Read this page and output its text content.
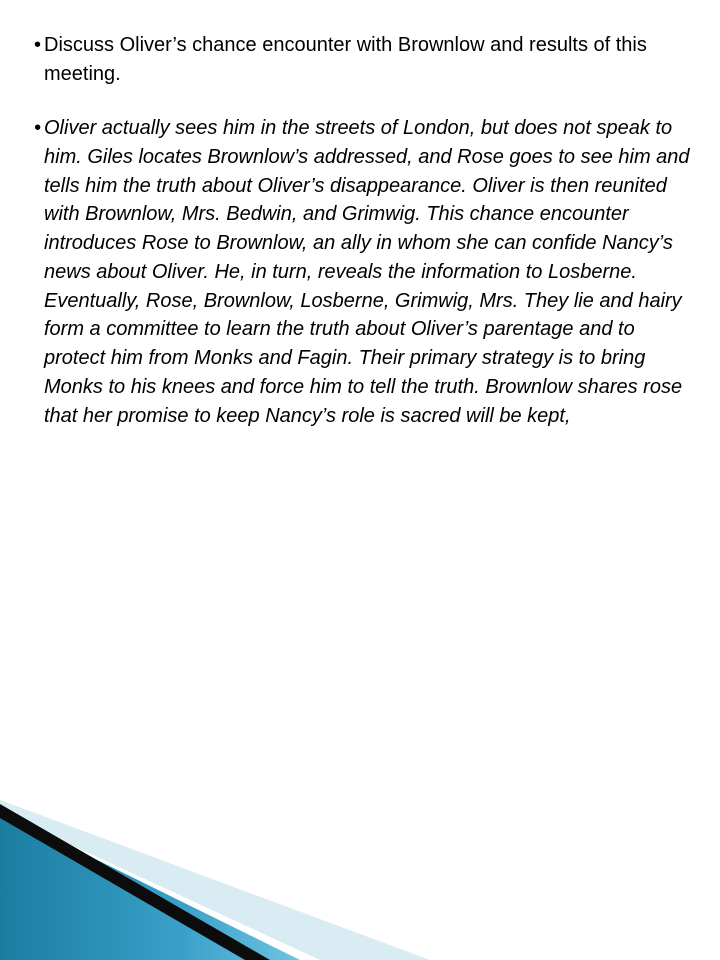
• Discuss Oliver’s chance encounter with Brownlow and results of this meeting.

• Oliver actually sees him in the streets of London, but does not speak to him. Giles locates Brownlow’s addressed, and Rose goes to see him and tells him the truth about Oliver’s disappearance. Oliver is then reunited with Brownlow, Mrs. Bedwin, and Grimwig. This chance encounter introduces Rose to Brownlow, an ally in whom she can confide Nancy’s news about Oliver. He, in turn, reveals the information to Losberne. Eventually, Rose, Brownlow, Losberne, Grimwig, Mrs. They lie and hairy form a committee to learn the truth about Oliver’s parentage and to protect him from Monks and Fagin. Their primary strategy is to bring Monks to his knees and force him to tell the truth. Brownlow shares rose that her promise to keep Nancy’s role is sacred will be kept,
